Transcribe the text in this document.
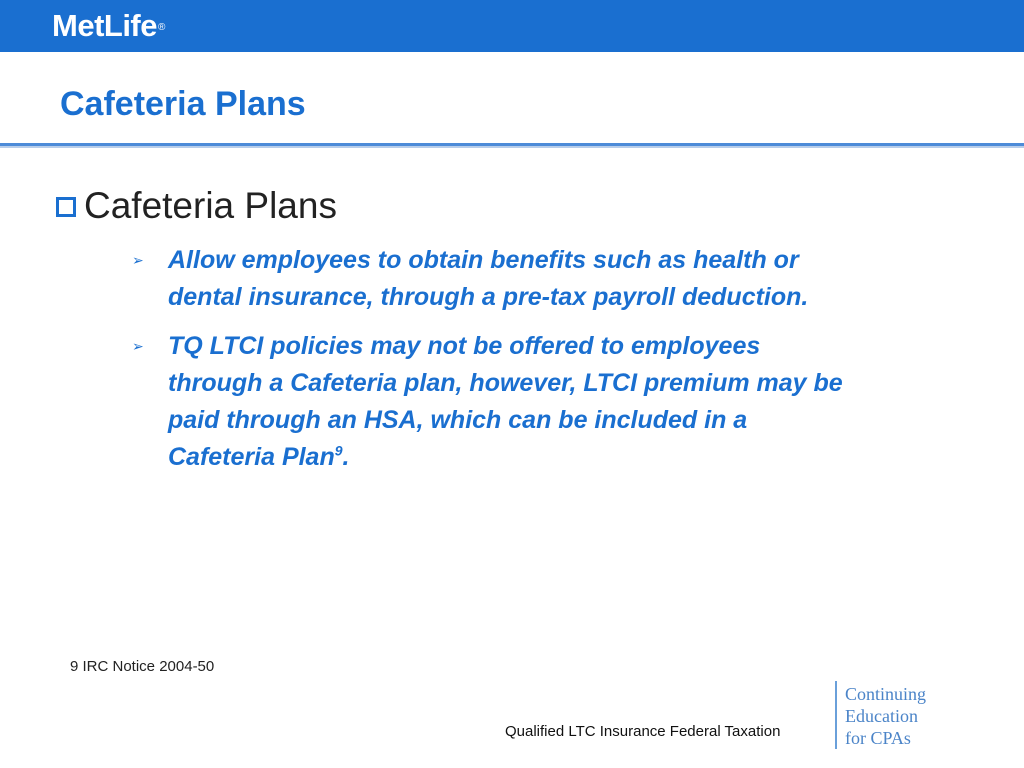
MetLife®
Cafeteria Plans
Cafeteria Plans
➢ Allow employees to obtain benefits such as health or dental insurance, through a pre-tax payroll deduction.
➢ TQ LTCI policies may not be offered to employees through a Cafeteria plan, however, LTCI premium may be paid through an HSA, which can be included in a Cafeteria Plan$^9$.
9 IRC Notice 2004-50
Qualified LTC Insurance Federal Taxation
Continuing
Education
for CPAs
